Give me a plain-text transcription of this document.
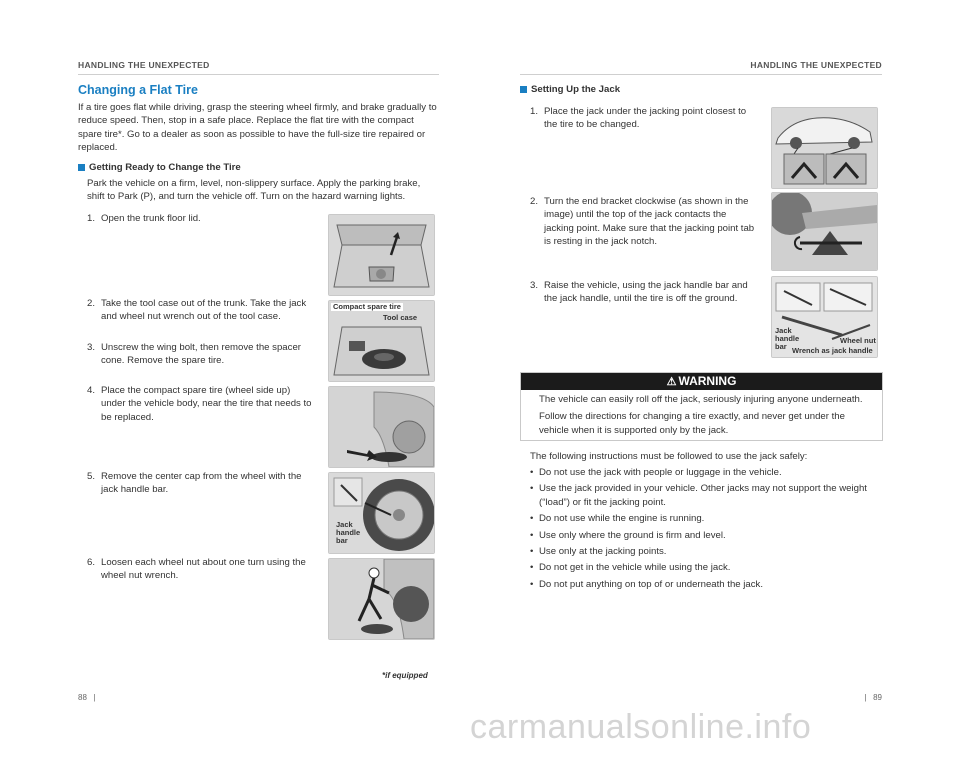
HANDLING THE UNEXPECTED	HANDLING THE UNEXPECTED
Changing a Flat Tire
If a tire goes flat while driving, grasp the steering wheel firmly, and brake gradually to reduce speed. Then, stop in a safe place. Replace the flat tire with the compact spare tire*. Go to a dealer as soon as possible to have the full-size tire repaired or replaced.
Getting Ready to Change the Tire
Park the vehicle on a firm, level, non-slippery surface. Apply the parking brake, shift to Park (P), and turn the vehicle off. Turn on the hazard warning lights.
1. Open the trunk floor lid.
2. Take the tool case out of the trunk. Take the jack and wheel nut wrench out of the tool case.
3. Unscrew the wing bolt, then remove the spacer cone. Remove the spare tire.
4. Place the compact spare tire (wheel side up) under the vehicle body, near the tire that needs to be replaced.
5. Remove the center cap from the wheel with the jack handle bar.
6. Loosen each wheel nut about one turn using the wheel nut wrench.
Compact spare tire
Tool case
Jack
handle
bar
*if equipped
Setting Up the Jack
1. Place the jack under the jacking point closest to the tire to be changed.
2. Turn the end bracket clockwise (as shown in the image) until the top of the jack contacts the jacking point. Make sure that the jacking point tab is resting in the jack notch.
3. Raise the vehicle, using the jack handle bar and the jack handle, until the tire is off the ground.
Jack
handle
bar
Wheel nut
Wrench as jack handle
⚠ WARNING
The vehicle can easily roll off the jack, seriously injuring anyone underneath.
Follow the directions for changing a tire exactly, and never get under the vehicle when it is supported only by the jack.
The following instructions must be followed to use the jack safely:
• Do not use the jack with people or luggage in the vehicle.
• Use the jack provided in your vehicle. Other jacks may not support the weight (“load”) or fit the jacking point.
• Do not use while the engine is running.
• Use only where the ground is firm and level.
• Use only at the jacking points.
• Do not get in the vehicle while using the jack.
• Do not put anything on top of or underneath the jack.
88   |	|   89
carmanualsonline.info
